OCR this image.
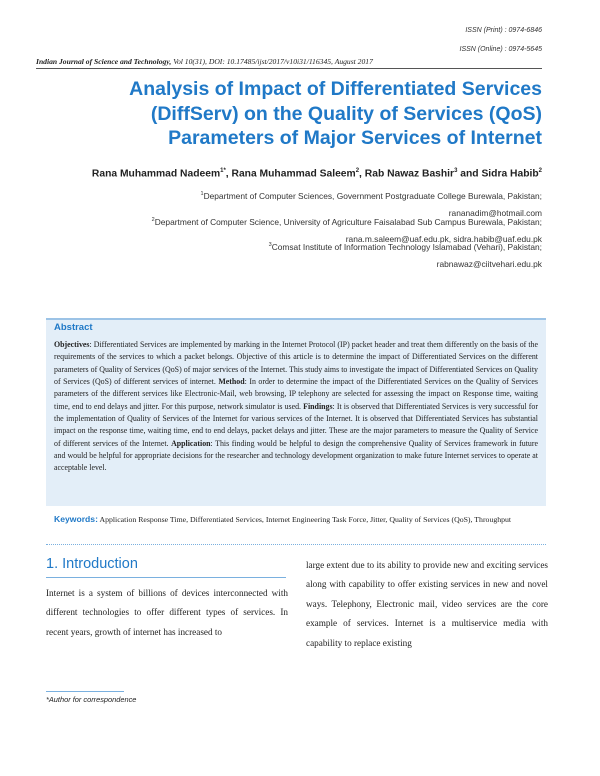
ISSN (Print) : 0974-6846
ISSN (Online) : 0974-5645
Indian Journal of Science and Technology, Vol 10(31), DOI: 10.17485/ijst/2017/v10i31/116345, August 2017
Analysis of Impact of Differentiated Services
(DiffServ) on the Quality of Services (QoS)
Parameters of Major Services of Internet
Rana Muhammad Nadeem$^{1*}$, Rana Muhammad Saleem$^2$, Rab Nawaz Bashir$^3$ and Sidra Habib$^2$
$^1$Department of Computer Sciences, Government Postgraduate College Burewala, Pakistan;
rananadim@hotmail.com
$^2$Department of Computer Science, University of Agriculture Faisalabad Sub Campus Burewala, Pakistan;
rana.m.saleem@uaf.edu.pk, sidra.habib@uaf.edu.pk
$^3$Comsat Institute of Information Technology Islamabad (Vehari), Pakistan;
rabnawaz@ciitvehari.edu.pk
Abstract
Objectives: Differentiated Services are implemented by marking in the Internet Protocol (IP) packet header and treat them differently on the basis of the requirements of the services to which a packet belongs. Objective of this article is to determine the impact of Differentiated Services on the different parameters of Quality of Services (QoS) of major services of the Internet. This study aims to investigate the impact of Differentiated Services on Quality of Services (QoS) of different services of internet. Method: In order to determine the impact of the Differentiated Services on the Quality of Services parameters of the different services like Electronic-Mail, web browsing, IP telephony are selected for assessing the impact on Response time, waiting time, end to end delays and jitter. For this purpose, network simulator is used. Findings: It is observed that Differentiated Services is very successful for the implementation of Quality of Services of the Internet for various services of the Internet. It is observed that Differentiated Services has substantial impact on the response time, waiting time, end to end delays, packet delays and jitter. These are the major parameters to measure the Quality of Service of different services of the Internet. Application: This finding would be helpful to design the comprehensive Quality of Services framework in future and would be helpful for appropriate decisions for the researcher and technology development organization to make future Internet services to operate at acceptable level.
Keywords: Application Response Time, Differentiated Services, Internet Engineering Task Force, Jitter, Quality of Services (QoS), Throughput
1. Introduction
Internet is a system of billions of devices interconnected with different technologies to offer different types of services. In recent years, growth of internet has increased to
large extent due to its ability to provide new and exciting services along with capability to offer existing services in new and novel ways. Telephony, Electronic mail, video services are the core example of services. Internet is a multiservice media with capability to replace existing
*Author for correspondence
